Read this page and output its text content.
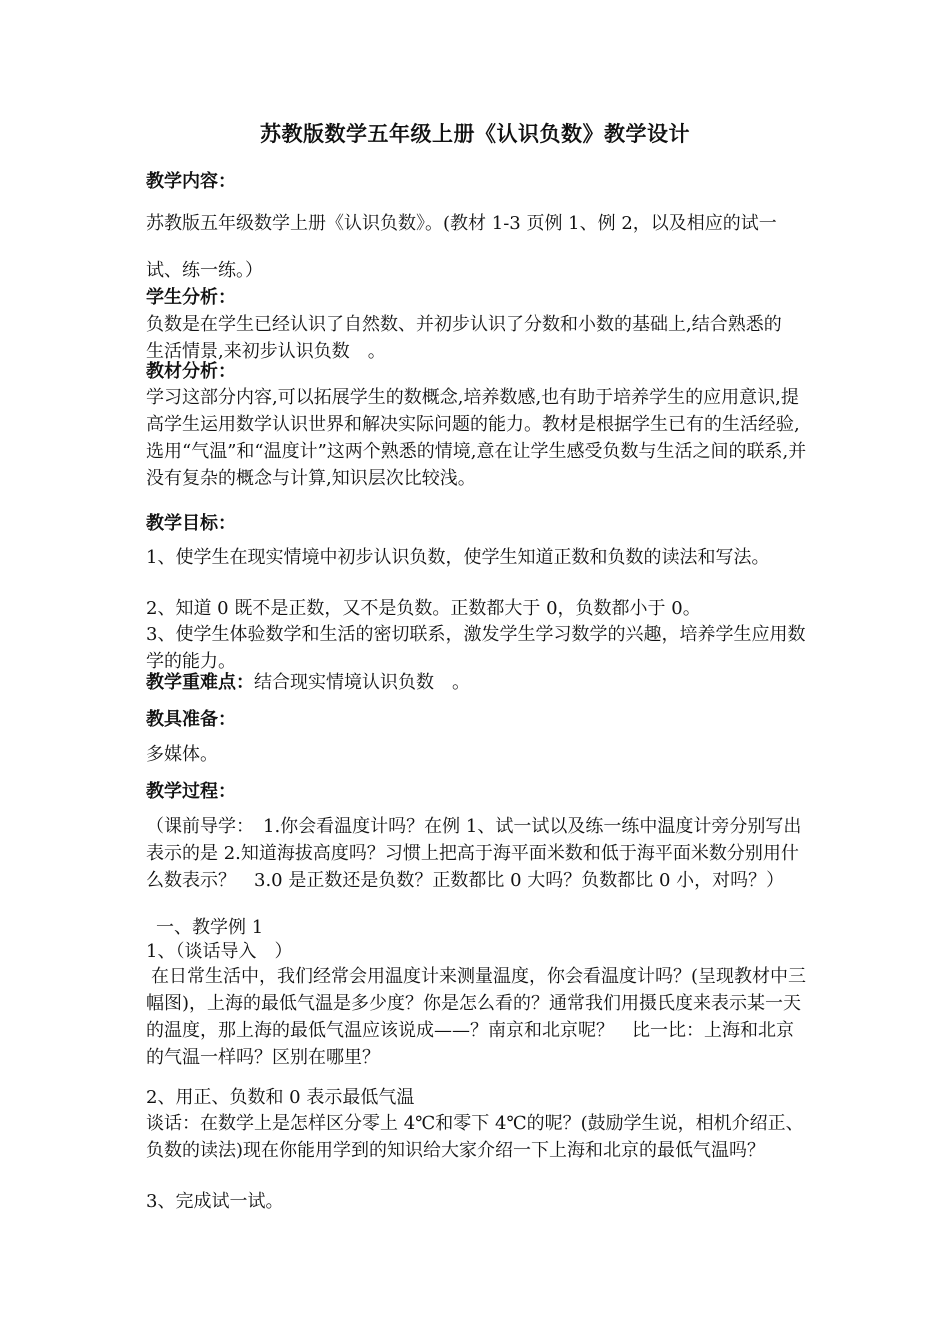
苏教版数学五年级上册《认识负数》教学设计
教学内容：
苏教版五年级数学上册《认识负数》。(教材 1-3 页例 1、例 2，以及相应的试一试、练一练。）
学生分析：
负数是在学生已经认识了自然数、并初步认识了分数和小数的基础上,结合熟悉的　生活情景,来初步认识负数　。
教材分析：
学习这部分内容,可以拓展学生的数概念,培养数感,也有助于培养学生的应用意识,提高学生运用数学认识世界和解决实际问题的能力。教材是根据学生已有的生活经验,选用“气温”和“温度计”这两个熟悉的情境,意在让学生感受负数与生活之间的联系,并没有复杂的概念与计算,知识层次比较浅。
教学目标：
1、使学生在现实情境中初步认识负数，使学生知道正数和负数的读法和写法。
2、知道 0 既不是正数，又不是负数。正数都大于 0，负数都小于 0。
3、使学生体验数学和生活的密切联系，激发学生学习数学的兴趣，培养学生应用数学的能力。
教学重难点：结合现实情境认识负数　。
教具准备：
多媒体。
教学过程：
（课前导学：　1.你会看温度计吗？在例 1、试一试以及练一练中温度计旁分别写出表示的是 2.知道海拔高度吗？习惯上把高于海平面米数和低于海平面米数分别用什么数表示？　3.0 是正数还是负数？正数都比 0 大吗？负数都比 0 小，对吗？）
一、教学例 1
1、（谈话导入　）
在日常生活中，我们经常会用温度计来测量温度，你会看温度计吗？(呈现教材中三幅图)，上海的最低气温是多少度？你是怎么看的？通常我们用摄氏度来表示某一天的温度，那上海的最低气温应该说成——？南京和北京呢？　比一比：上海和北京的气温一样吗？区别在哪里？
2、用正、负数和 0 表示最低气温
谈话：在数学上是怎样区分零上 4℃和零下 4℃的呢？(鼓励学生说，相机介绍正、负数的读法)现在你能用学到的知识给大家介绍一下上海和北京的最低气温吗？
3、完成试一试。
